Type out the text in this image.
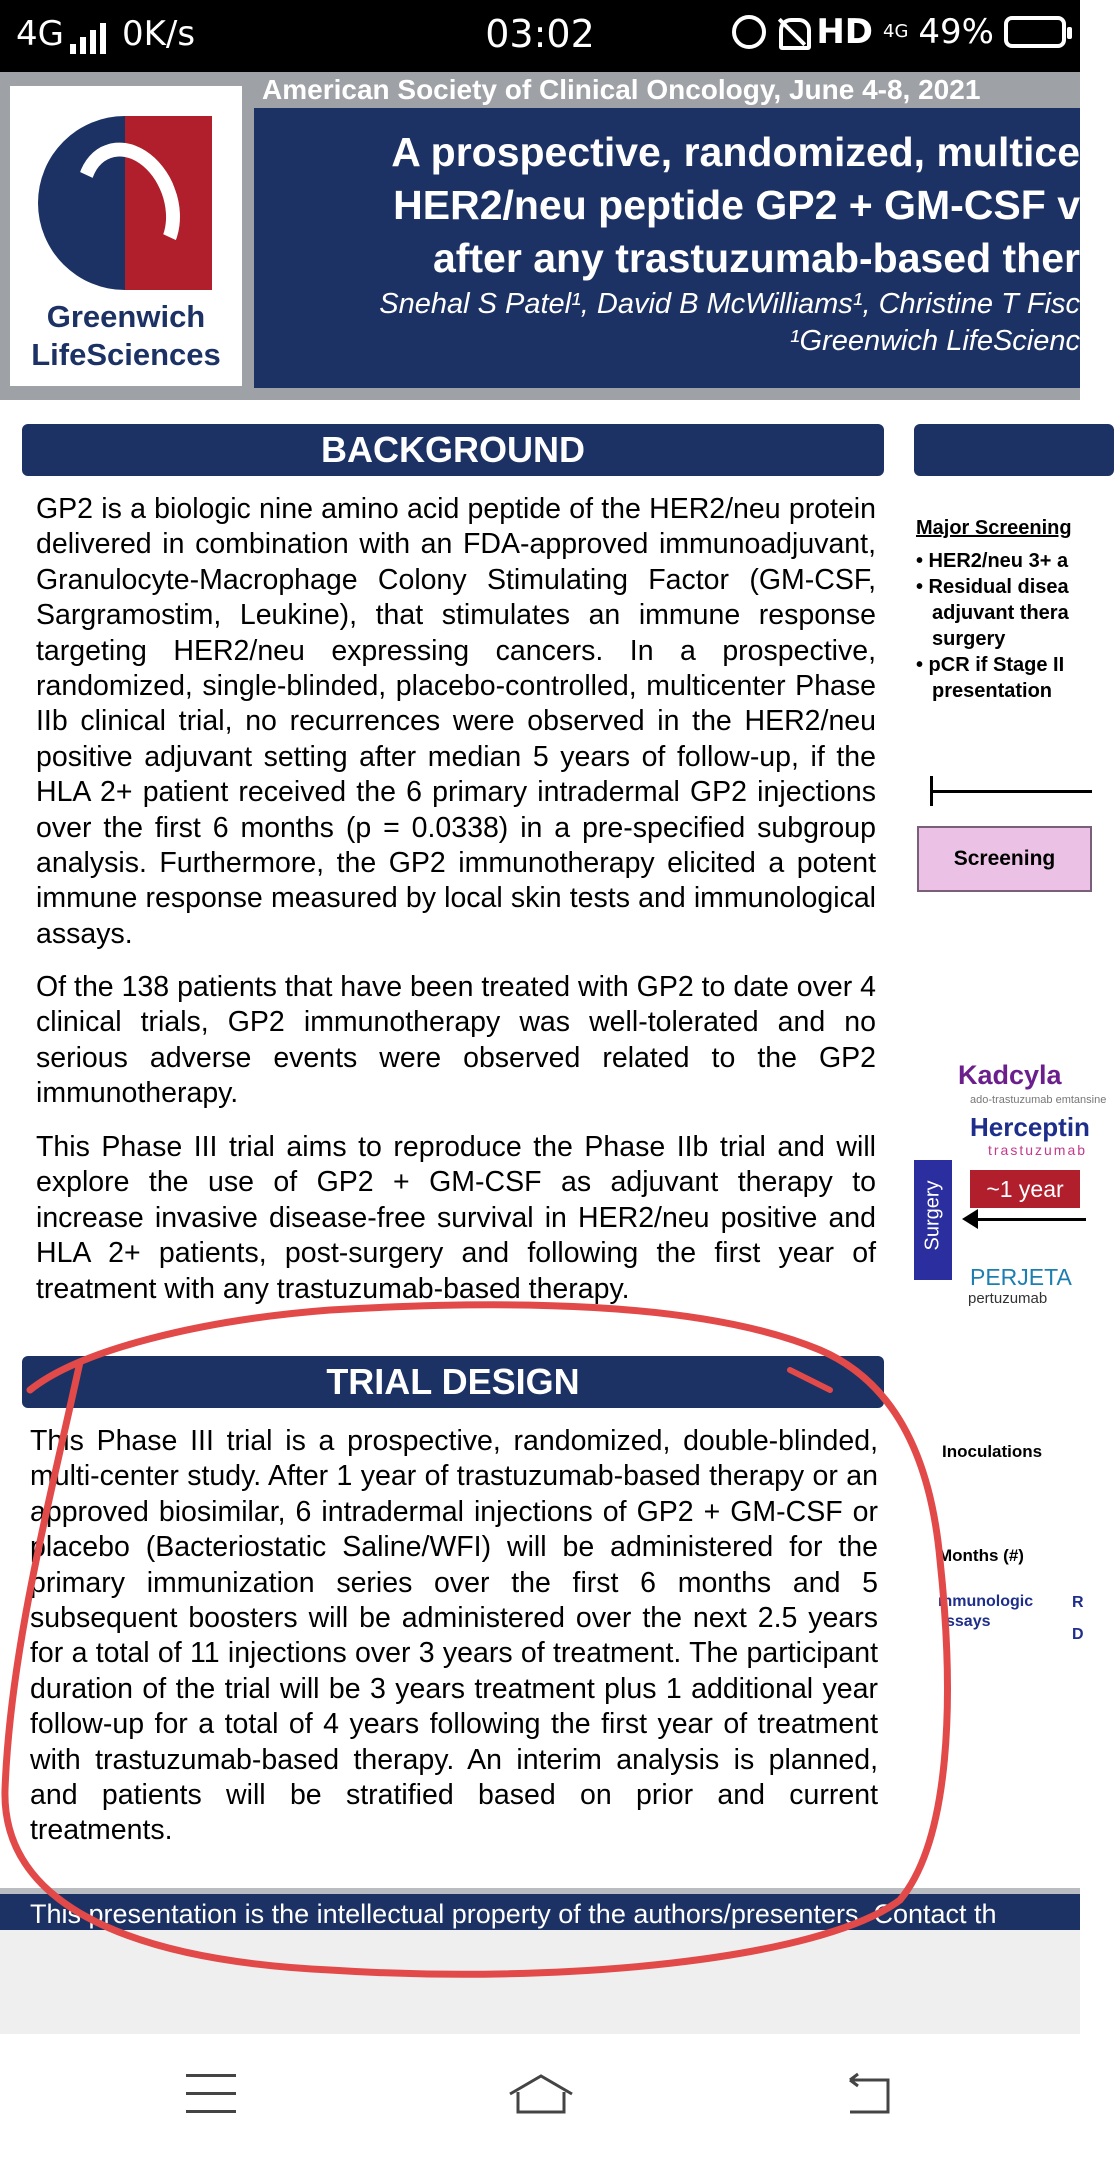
4G 0K/s	03:02	HD 4G 49%
Greenwich
LifeSciences
American Society of Clinical Oncology, June 4-8, 2021
A prospective, randomized, multice
HER2/neu peptide GP2 + GM-CSF v
after any trastuzumab-based ther
Snehal S Patel¹, David B McWilliams¹, Christine T Fisc
¹Greenwich LifeScienc
BACKGROUND

GP2 is a biologic nine amino acid peptide of the HER2/neu protein delivered in combination with an FDA-approved immunoadjuvant, Granulocyte-Macrophage Colony Stimulating Factor (GM-CSF, Sargramostim, Leukine), that stimulates an immune response targeting HER2/neu expressing cancers. In a prospective, randomized, single-blinded, placebo-controlled, multicenter Phase IIb clinical trial, no recurrences were observed in the HER2/neu positive adjuvant setting after median 5 years of follow-up, if the HLA 2+ patient received the 6 primary intradermal GP2 injections over the first 6 months (p = 0.0338) in a pre-specified subgroup analysis. Furthermore, the GP2 immunotherapy elicited a potent immune response measured by local skin tests and immunological assays.

Of the 138 patients that have been treated with GP2 to date over 4 clinical trials, GP2 immunotherapy was well-tolerated and no serious adverse events were observed related to the GP2 immunotherapy.

This Phase III trial aims to reproduce the Phase IIb trial and will explore the use of GP2 + GM-CSF as adjuvant therapy to increase invasive disease-free survival in HER2/neu positive and HLA 2+ patients, post-surgery and following the first year of treatment with any trastuzumab-based therapy.

TRIAL DESIGN

This Phase III trial is a prospective, randomized, double-blinded, multi-center study. After 1 year of trastuzumab-based therapy or an approved biosimilar, 6 intradermal injections of GP2 + GM-CSF or placebo (Bacteriostatic Saline/WFI) will be administered for the primary immunization series over the first 6 months and 5 subsequent boosters will be administered over the next 2.5 years for a total of 11 injections over 3 years of treatment. The participant duration of the trial will be 3 years treatment plus 1 additional year follow-up for a total of 4 years following the first year of treatment with trastuzumab-based therapy. An interim analysis is planned, and patients will be stratified based on prior and current treatments.

Major Screening
• HER2/neu 3+ a
• Residual disea
adjuvant thera
surgery
• pCR if Stage II
presentation
Screening
Kadcyla
ado-trastuzumab emtansine
Herceptin
trastuzumab
~1 year
Surgery
PERJETA
pertuzumab
Inoculations
Months (#)
mmunologic
ssays
R
D
This presentation is the intellectual property of the authors/presenters. Contact th
